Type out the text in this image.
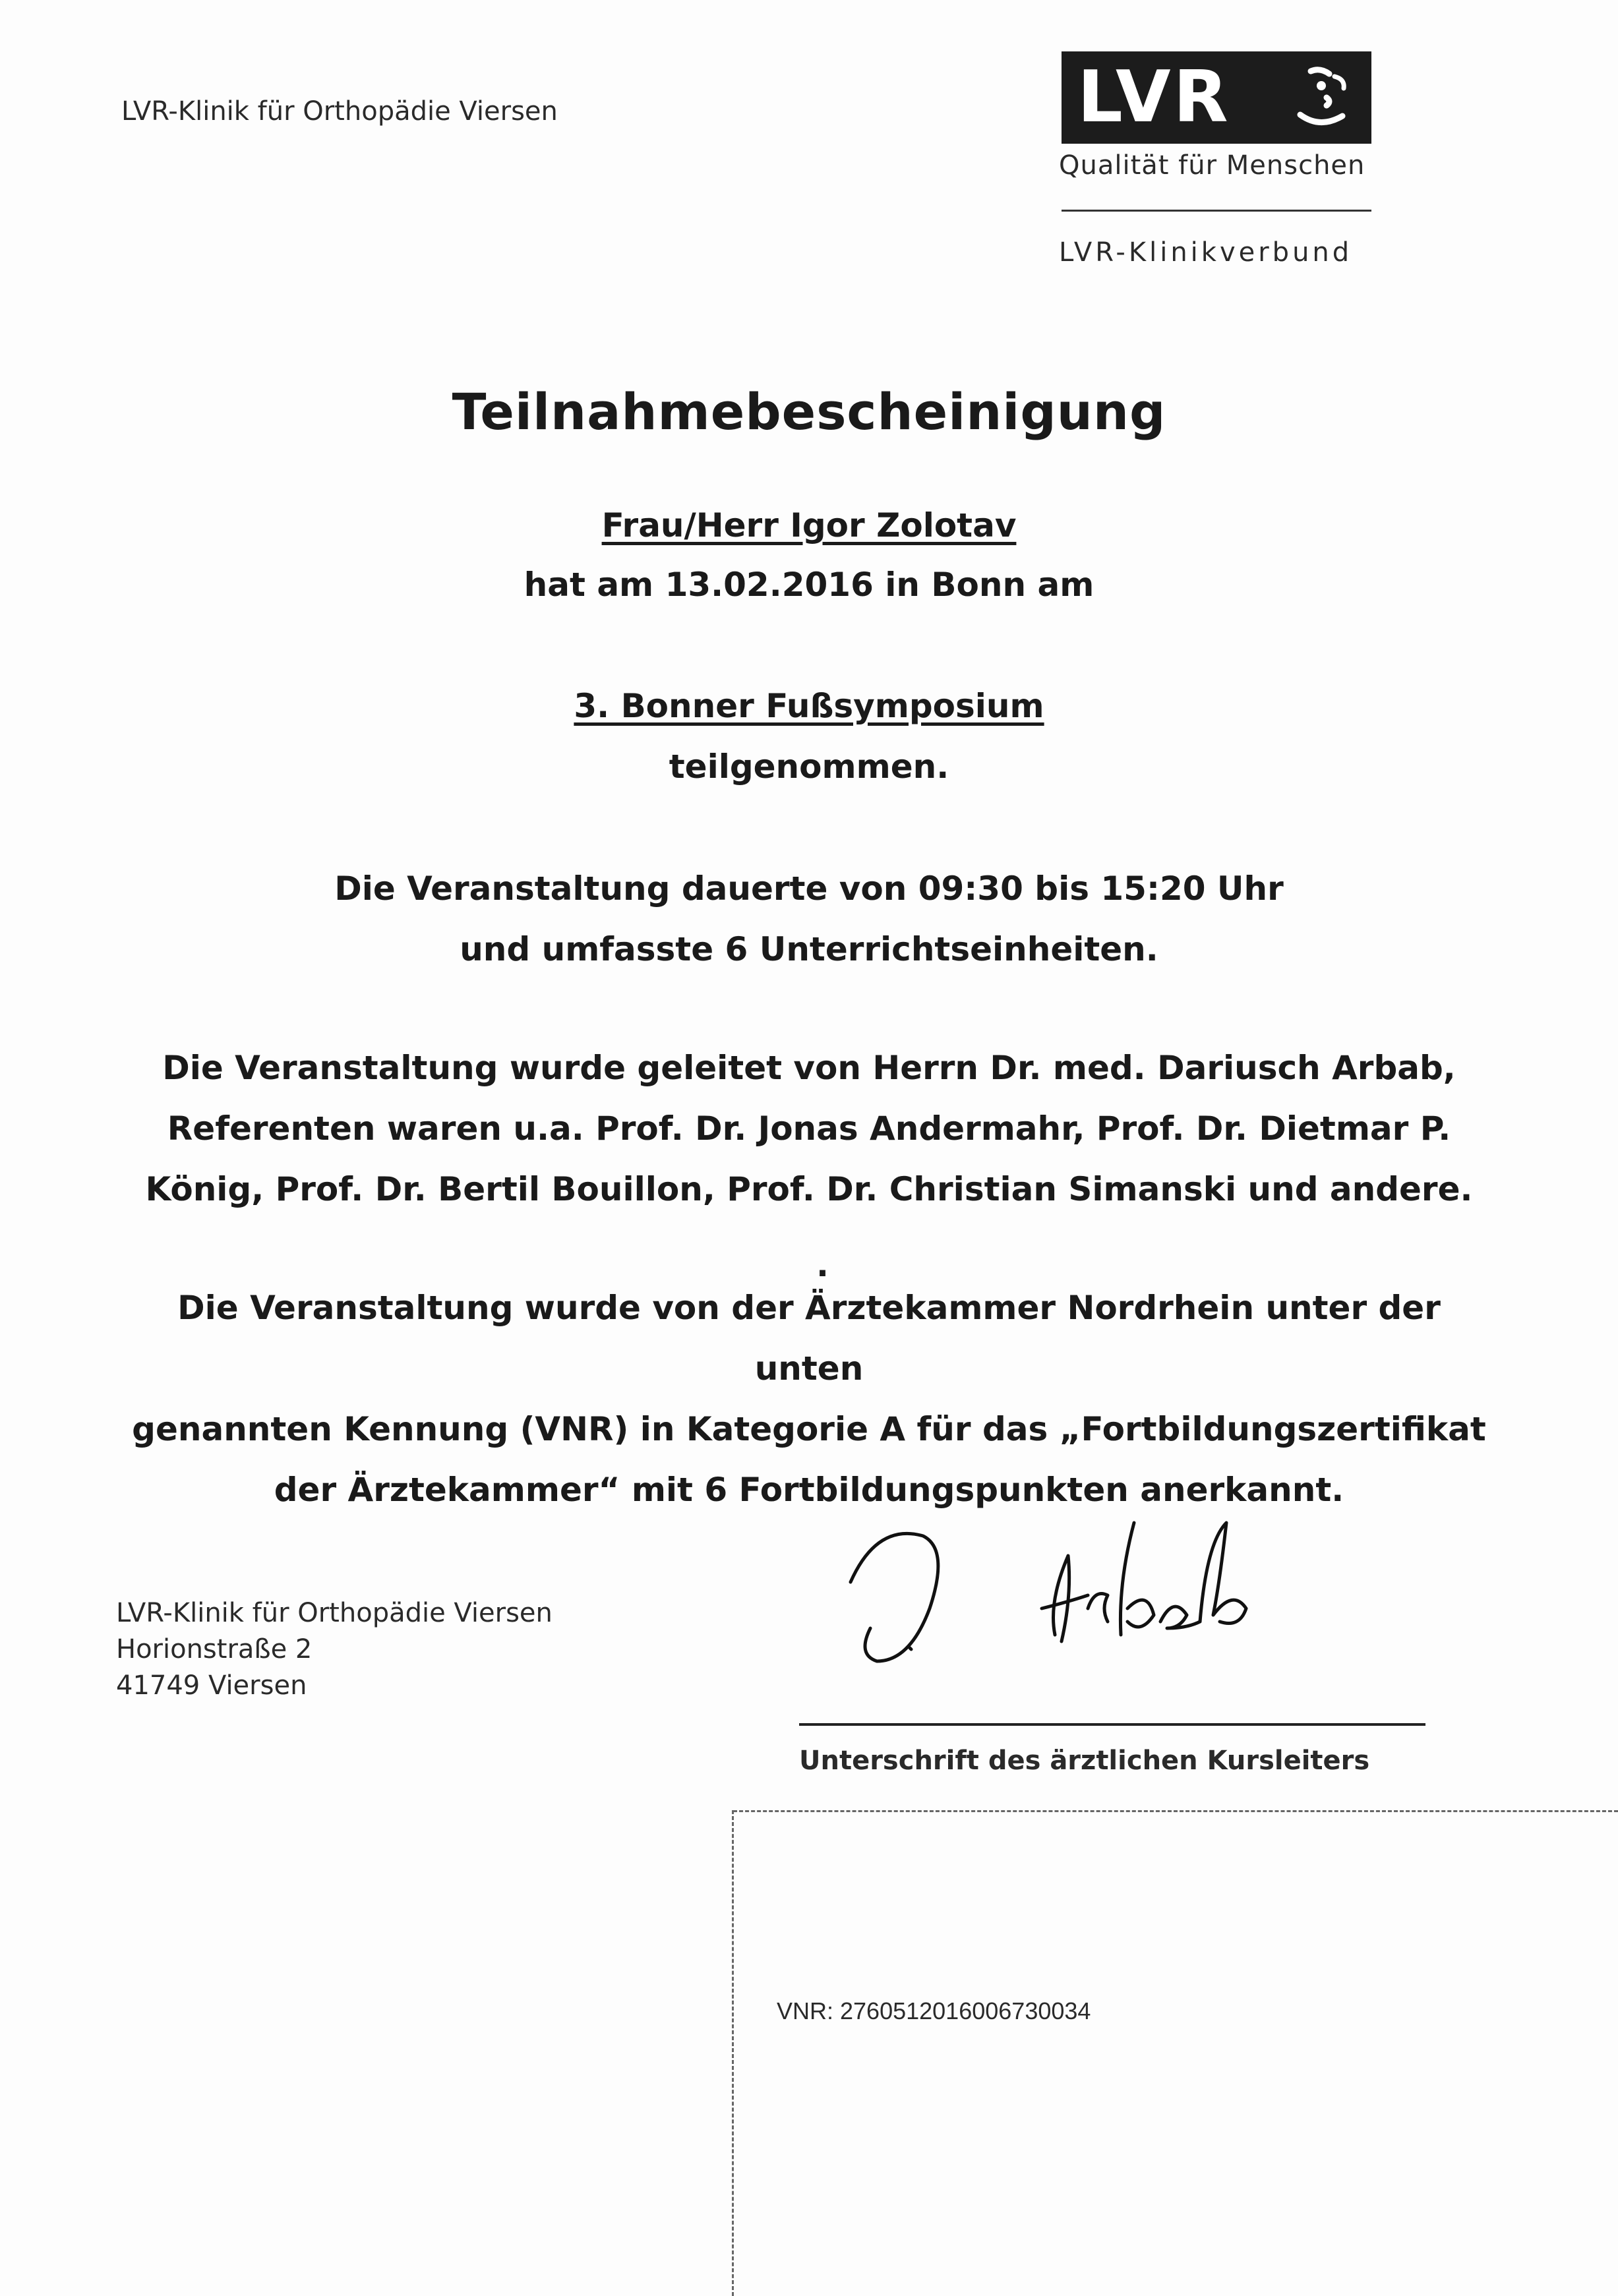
LVR-Klinik für Orthopädie Viersen	LVR
Qualität für Menschen
LVR-Klinikverbund
Teilnahmebescheinigung
Frau/Herr Igor Zolotav
hat am 13.02.2016 in Bonn am
3. Bonner Fußsymposium
teilgenommen.
Die Veranstaltung dauerte von 09:30 bis 15:20 Uhr
und umfasste 6 Unterrichtseinheiten.
Die Veranstaltung wurde geleitet von Herrn Dr. med. Dariusch Arbab,
Referenten waren u.a. Prof. Dr. Jonas Andermahr, Prof. Dr. Dietmar P.
König, Prof. Dr. Bertil Bouillon, Prof. Dr. Christian Simanski und andere.
.
Die Veranstaltung wurde von der Ärztekammer Nordrhein unter der unten
genannten Kennung (VNR) in Kategorie A für das „Fortbildungszertifikat
der Ärztekammer“ mit 6 Fortbildungspunkten anerkannt.
LVR-Klinik für Orthopädie Viersen
Horionstraße 2
41749 Viersen
Unterschrift des ärztlichen Kursleiters
VNR: 2760512016006730034
